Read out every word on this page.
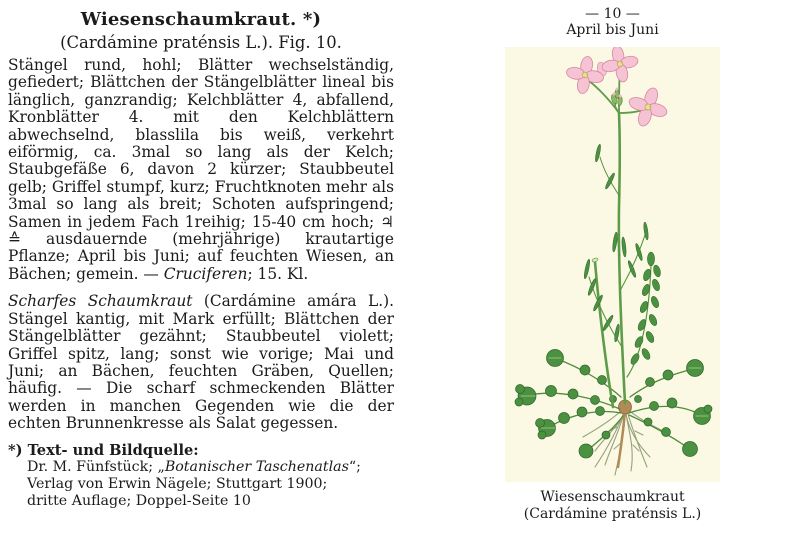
Wiesenschaumkraut. *)
(Cardámine praténsis L.). Fig. 10.

Stängel rund, hohl; Blätter wechselständig, gefiedert; Blättchen der Stängelblätter lineal bis länglich, ganzrandig; Kelchblätter 4, abfallend, Kronblätter 4. mit den Kelchblättern abwechselnd, blasslila bis weiß, verkehrt eiförmig, ca. 3mal so lang als der Kelch; Staubgefäße 6, davon 2 kürzer; Staubbeutel gelb; Griffel stumpf, kurz; Fruchtknoten mehr als 3mal so lang als breit; Schoten aufspringend; Samen in jedem Fach 1reihig; 15-40 cm hoch; ♃ ≙ ausdauernde (mehrjährige) krautartige Pflanze; April bis Juni; auf feuchten Wiesen, an Bächen; gemein. — Cruciferen; 15. Kl.

Scharfes Schaumkraut (Cardámine amára L.). Stängel kantig, mit Mark erfüllt; Blättchen der Stängelblätter gezähnt; Staubbeutel violett; Griffel spitz, lang; sonst wie vorige; Mai und Juni; an Bächen, feuchten Gräben, Quellen; häufig. — Die scharf schmeckenden Blätter werden in manchen Gegenden wie die der echten Brunnenkresse als Salat gegessen.

*) Text- und Bildquelle:
Dr. M. Fünfstück; „Botanischer Taschenatlas“;
Verlag von Erwin Nägele; Stuttgart 1900;
dritte Auflage; Doppel-Seite 10
— 10 —
April bis Juni
Wiesenschaumkraut
(Cardámine praténsis L.)
